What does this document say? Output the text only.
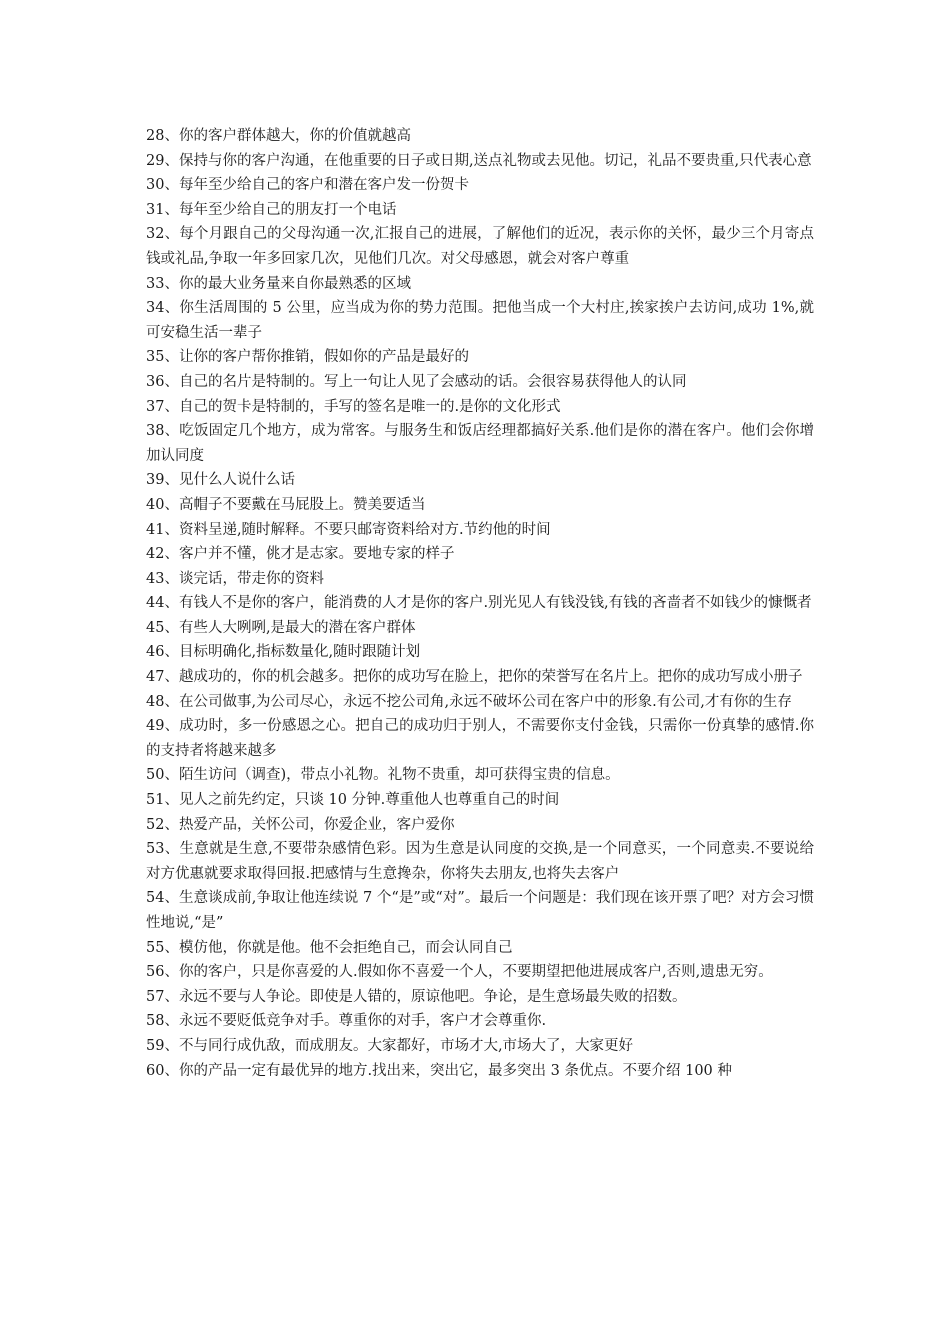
28、你的客户群体越大，你的价值就越高

29、保持与你的客户沟通，在他重要的日子或日期,送点礼物或去见他。切记，礼品不要贵重,只代表心意

30、每年至少给自己的客户和潜在客户发一份贺卡

31、每年至少给自己的朋友打一个电话

32、每个月跟自己的父母沟通一次,汇报自己的进展，了解他们的近况，表示你的关怀，最少三个月寄点钱或礼品,争取一年多回家几次，见他们几次。对父母感恩，就会对客户尊重

33、你的最大业务量来自你最熟悉的区域

34、你生活周围的 5 公里，应当成为你的势力范围。把他当成一个大村庄,挨家挨户去访问,成功 1%,就可安稳生活一辈子

35、让你的客户帮你推销，假如你的产品是最好的

36、自己的名片是特制的。写上一句让人见了会感动的话。会很容易获得他人的认同

37、自己的贺卡是特制的，手写的签名是唯一的.是你的文化形式

38、吃饭固定几个地方，成为常客。与服务生和饭店经理都搞好关系.他们是你的潜在客户。他们会你增加认同度

39、见什么人说什么话

40、高帽子不要戴在马屁股上。赞美要适当

41、资料呈递,随时解释。不要只邮寄资料给对方.节约他的时间

42、客户并不懂，佻才是志家。要地专家的样子

43、谈完话，带走你的资料

44、有钱人不是你的客户，能消费的人才是你的客户.别光见人有钱没钱,有钱的吝啬者不如钱少的慷慨者

45、有些人大咧咧,是最大的潜在客户群体

46、目标明确化,指标数量化,随时跟随计划

47、越成功的，你的机会越多。把你的成功写在脸上，把你的荣誉写在名片上。把你的成功写成小册子

48、在公司做事,为公司尽心，永远不挖公司角,永远不破坏公司在客户中的形象.有公司,才有你的生存

49、成功时，多一份感恩之心。把自己的成功归于别人，不需要你支付金钱，只需你一份真挚的感情.你的支持者将越来越多

50、陌生访问（调查)，带点小礼物。礼物不贵重，却可获得宝贵的信息。

51、见人之前先约定，只谈 10 分钟.尊重他人也尊重自己的时间

52、热爱产品，关怀公司，你爱企业，客户爱你

53、生意就是生意,不要带杂感情色彩。因为生意是认同度的交换,是一个同意买，一个同意卖.不要说给对方优惠就要求取得回报.把感情与生意搀杂，你将失去朋友,也将失去客户

54、生意谈成前,争取让他连续说 7 个“是”或“对”。最后一个问题是：我们现在该开票了吧？对方会习惯性地说,“是”

55、模仿他，你就是他。他不会拒绝自己，而会认同自己

56、你的客户，只是你喜爱的人.假如你不喜爱一个人，不要期望把他进展成客户,否则,遗患无穷。

57、永远不要与人争论。即使是人错的，原谅他吧。争论，是生意场最失败的招数。

58、永远不要贬低竞争对手。尊重你的对手，客户才会尊重你.

59、不与同行成仇敌，而成朋友。大家都好，市场才大,市场大了，大家更好

60、你的产品一定有最优异的地方.找出来，突出它，最多突出 3 条优点。不要介绍 100 种
